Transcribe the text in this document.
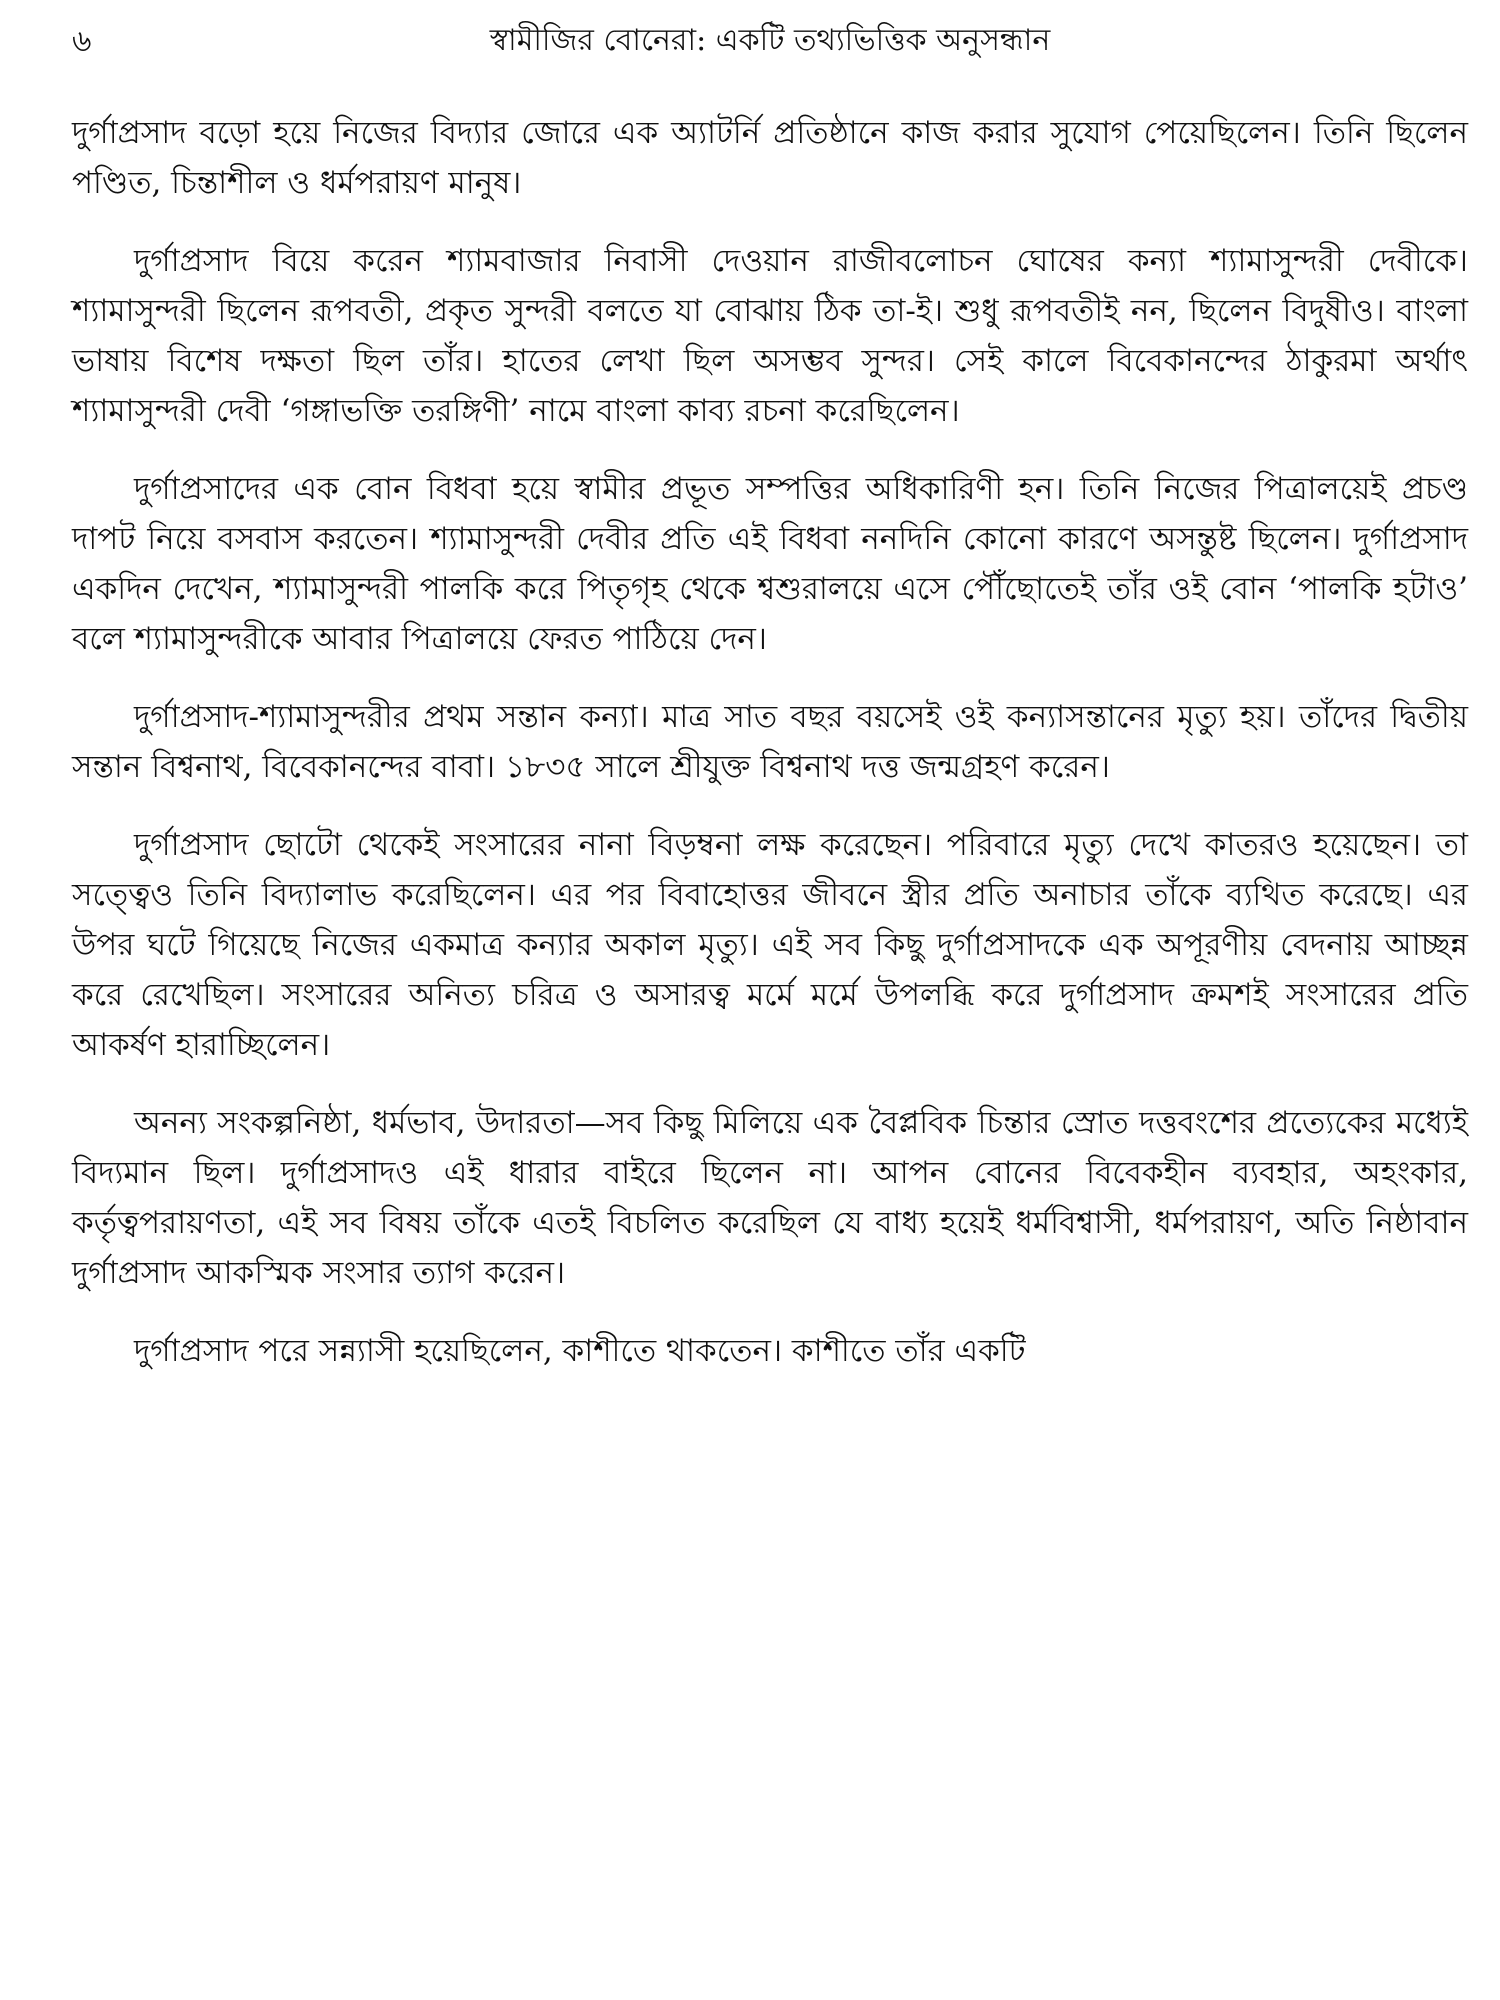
৬	স্বামীজির বোনেরা: একটি তথ্যভিত্তিক অনুসন্ধান

দুর্গাপ্রসাদ বড়ো হয়ে নিজের বিদ্যার জোরে এক অ্যাটর্নি প্রতিষ্ঠানে কাজ করার সুযোগ পেয়েছিলেন। তিনি ছিলেন পণ্ডিত, চিন্তাশীল ও ধর্মপরায়ণ মানুষ।

দুর্গাপ্রসাদ বিয়ে করেন শ্যামবাজার নিবাসী দেওয়ান রাজীবলোচন ঘোষের কন্যা শ্যামাসুন্দরী দেবীকে। শ্যামাসুন্দরী ছিলেন রূপবতী, প্রকৃত সুন্দরী বলতে যা বোঝায় ঠিক তা-ই। শুধু রূপবতীই নন, ছিলেন বিদুষীও। বাংলা ভাষায় বিশেষ দক্ষতা ছিল তাঁর। হাতের লেখা ছিল অসম্ভব সুন্দর। সেই কালে বিবেকানন্দের ঠাকুরমা অর্থাৎ শ্যামাসুন্দরী দেবী ‘গঙ্গাভক্তি তরঙ্গিণী’ নামে বাংলা কাব্য রচনা করেছিলেন।

দুর্গাপ্রসাদের এক বোন বিধবা হয়ে স্বামীর প্রভূত সম্পত্তির অধিকারিণী হন। তিনি নিজের পিত্রালয়েই প্রচণ্ড দাপট নিয়ে বসবাস করতেন। শ্যামাসুন্দরী দেবীর প্রতি এই বিধবা ননদিনি কোনো কারণে অসন্তুষ্ট ছিলেন। দুর্গাপ্রসাদ একদিন দেখেন, শ্যামাসুন্দরী পালকি করে পিতৃগৃহ থেকে শ্বশুরালয়ে এসে পৌঁছোতেই তাঁর ওই বোন ‘পালকি হটাও’ বলে শ্যামাসুন্দরীকে আবার পিত্রালয়ে ফেরত পাঠিয়ে দেন।

দুর্গাপ্রসাদ-শ্যামাসুন্দরীর প্রথম সন্তান কন্যা। মাত্র সাত বছর বয়সেই ওই কন্যাসন্তানের মৃত্যু হয়। তাঁদের দ্বিতীয় সন্তান বিশ্বনাথ, বিবেকানন্দের বাবা। ১৮৩৫ সালে শ্রীযুক্ত বিশ্বনাথ দত্ত জন্মগ্রহণ করেন।

দুর্গাপ্রসাদ ছোটো থেকেই সংসারের নানা বিড়ম্বনা লক্ষ করেছেন। পরিবারে মৃত্যু দেখে কাতরও হয়েছেন। তা সত্ত্বেও তিনি বিদ্যালাভ করেছিলেন। এর পর বিবাহোত্তর জীবনে স্ত্রীর প্রতি অনাচার তাঁকে ব্যথিত করেছে। এর উপর ঘটে গিয়েছে নিজের একমাত্র কন্যার অকাল মৃত্যু। এই সব কিছু দুর্গাপ্রসাদকে এক অপূরণীয় বেদনায় আচ্ছন্ন করে রেখেছিল। সংসারের অনিত্য চরিত্র ও অসারত্ব মর্মে মর্মে উপলব্ধি করে দুর্গাপ্রসাদ ক্রমশই সংসারের প্রতি আকর্ষণ হারাচ্ছিলেন।

অনন্য সংকল্পনিষ্ঠা, ধর্মভাব, উদারতা—সব কিছু মিলিয়ে এক বৈপ্লবিক চিন্তার স্রোত দত্তবংশের প্রত্যেকের মধ্যেই বিদ্যমান ছিল। দুর্গাপ্রসাদও এই ধারার বাইরে ছিলেন না। আপন বোনের বিবেকহীন ব্যবহার, অহংকার, কর্তৃত্বপরায়ণতা, এই সব বিষয় তাঁকে এতই বিচলিত করেছিল যে বাধ্য হয়েই ধর্মবিশ্বাসী, ধর্মপরায়ণ, অতি নিষ্ঠাবান দুর্গাপ্রসাদ আকস্মিক সংসার ত্যাগ করেন।

দুর্গাপ্রসাদ পরে সন্ন্যাসী হয়েছিলেন, কাশীতে থাকতেন। কাশীতে তাঁর একটি
